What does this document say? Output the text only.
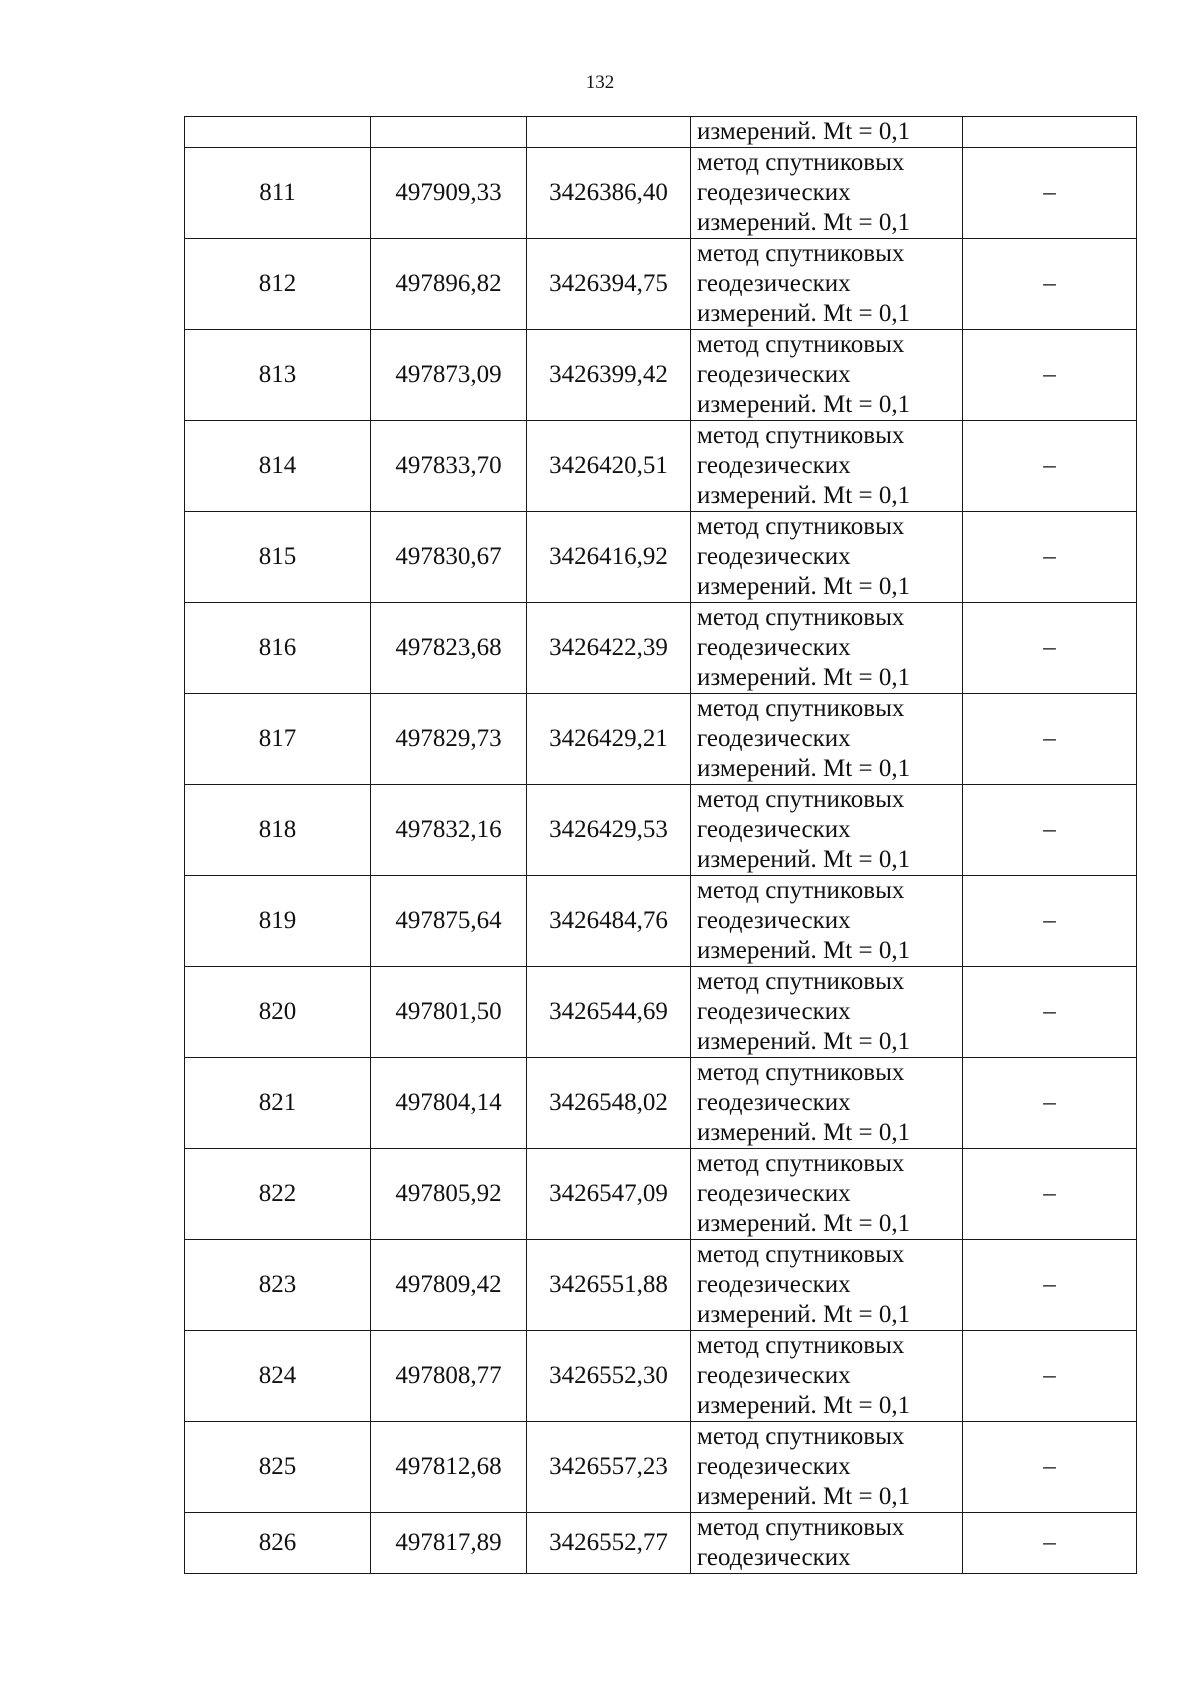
132

			измерений. Mt = 0,1	

811	497909,33	3426386,40	метод спутниковых
геодезических
измерений. Mt = 0,1	–
812	497896,82	3426394,75	метод спутниковых
геодезических
измерений. Mt = 0,1	–
813	497873,09	3426399,42	метод спутниковых
геодезических
измерений. Mt = 0,1	–
814	497833,70	3426420,51	метод спутниковых
геодезических
измерений. Mt = 0,1	–
815	497830,67	3426416,92	метод спутниковых
геодезических
измерений. Mt = 0,1	–
816	497823,68	3426422,39	метод спутниковых
геодезических
измерений. Mt = 0,1	–
817	497829,73	3426429,21	метод спутниковых
геодезических
измерений. Mt = 0,1	–
818	497832,16	3426429,53	метод спутниковых
геодезических
измерений. Mt = 0,1	–
819	497875,64	3426484,76	метод спутниковых
геодезических
измерений. Mt = 0,1	–
820	497801,50	3426544,69	метод спутниковых
геодезических
измерений. Mt = 0,1	–
821	497804,14	3426548,02	метод спутниковых
геодезических
измерений. Mt = 0,1	–
822	497805,92	3426547,09	метод спутниковых
геодезических
измерений. Mt = 0,1	–
823	497809,42	3426551,88	метод спутниковых
геодезических
измерений. Mt = 0,1	–
824	497808,77	3426552,30	метод спутниковых
геодезических
измерений. Mt = 0,1	–
825	497812,68	3426557,23	метод спутниковых
геодезических
измерений. Mt = 0,1	–
826	497817,89	3426552,77	метод спутниковых
геодезических	–
